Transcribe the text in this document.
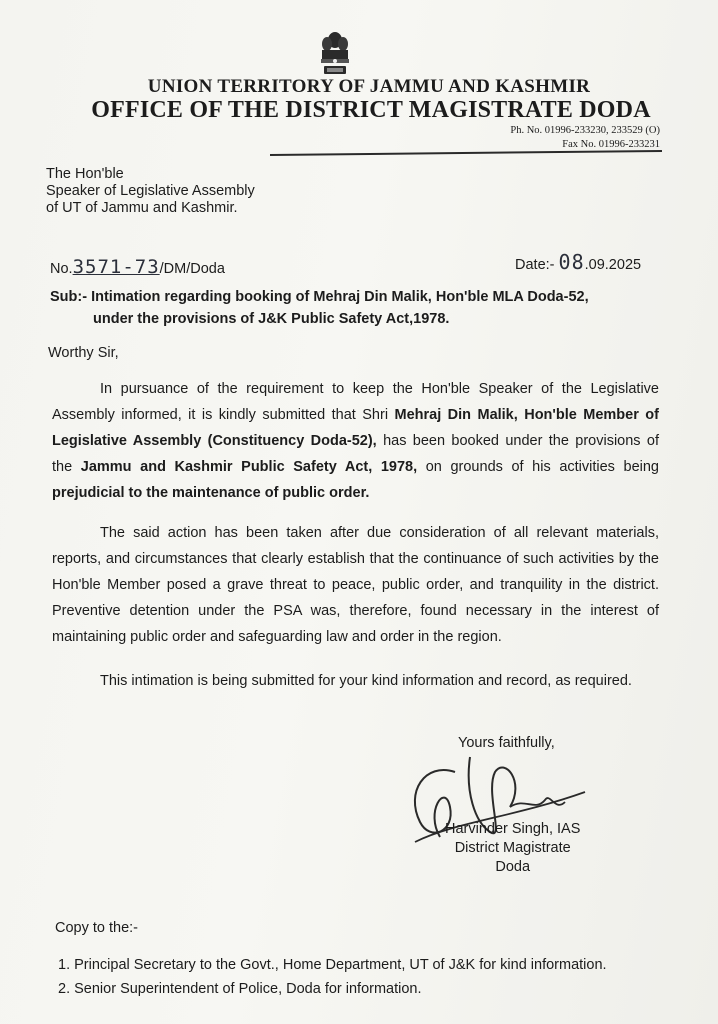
UNION TERRITORY OF JAMMU AND KASHMIR
OFFICE OF THE DISTRICT MAGISTRATE DODA
Ph. No. 01996-233230, 233529 (O)
Fax No. 01996-233231
The Hon'ble
Speaker of Legislative Assembly
of UT of Jammu and Kashmir.
No.3571-73/DM/Doda	Date:- 08.09.2025
Sub:- Intimation regarding booking of Mehraj Din Malik, Hon'ble MLA Doda-52,
under the provisions of J&K Public Safety Act,1978.
Worthy Sir,
In pursuance of the requirement to keep the Hon'ble Speaker of the Legislative Assembly informed, it is kindly submitted that Shri Mehraj Din Malik, Hon'ble Member of Legislative Assembly (Constituency Doda-52), has been booked under the provisions of the Jammu and Kashmir Public Safety Act, 1978, on grounds of his activities being prejudicial to the maintenance of public order.
The said action has been taken after due consideration of all relevant materials, reports, and circumstances that clearly establish that the continuance of such activities by the Hon'ble Member posed a grave threat to peace, public order, and tranquility in the district. Preventive detention under the PSA was, therefore, found necessary in the interest of maintaining public order and safeguarding law and order in the region.
This intimation is being submitted for your kind information and record, as required.
Yours faithfully,
Harvinder Singh, IAS
District Magistrate
Doda
Copy to the:-
1. Principal Secretary to the Govt., Home Department, UT of J&K for kind information.
2. Senior Superintendent of Police, Doda for information.
